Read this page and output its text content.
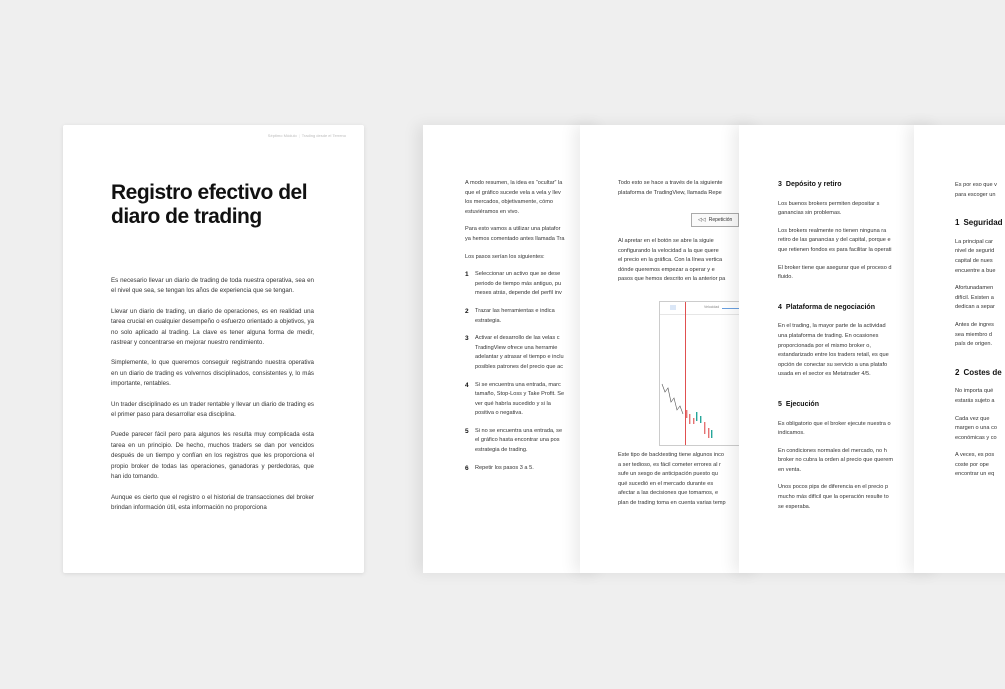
Séptimo Módulo | Trading desde el Terreno
Registro efectivo del diaro de trading

Es necesario llevar un diario de trading de toda nuestra operativa, sea en el nivel que sea, se tengan los años de experiencia que se tengan.

Llevar un diario de trading, un diario de operaciones, es en realidad una tarea crucial en cualquier desempeño o esfuerzo orientado a objetivos, ya no solo aplicado al trading. La clave es tener alguna forma de medir, rastrear y concentrarse en mejorar nuestro rendimiento.

Simplemente, lo que queremos conseguir registrando nuestra operativa en un diario de trading es volvernos disciplinados, consistentes y, lo más importante, rentables.

Un trader disciplinado es un trader rentable y llevar un diario de trading es el primer paso para desarrollar esa disciplina.

Puede parecer fácil pero para algunos les resulta muy complicada esta tarea en un principio. De hecho, muchos traders se dan por vencidos después de un tiempo y confían en los registros que les proporciona el propio broker de todas las operaciones, ganadoras y perdedoras, que han ido tomando.

Aunque es cierto que el registro o el historial de transacciones del broker brindan información útil, esta información no proporciona

A modo resumen, la idea es “ocultar” la
que el gráfico sucede vela a vela y llev
los mercados, objetivamente, cómo
estuviéramos en vivo.

Para esto vamos a utilizar una platafor
ya hemos comentado antes llamada Tra

Los pasos serían los siguientes:

1	Seleccionar un activo que se dese
periodo de tiempo más antiguo, pu
meses atrás, depende del perfil inv
2	Trazar las herramientas e indica
estrategia.
3	Activar el desarrollo de las velas c
TradingView ofrece una herramie
adelantar y atrasar el tiempo e inclu
posibles patrones del precio que ac
4	Si se encuentra una entrada, marc
tamaño, Stop-Loss y Take Profit. Se
ver qué habría sucedido y si la
positiva o negativa.
5	Si no se encuentra una entrada, se
el gráfico hasta encontrar una pos
estrategia de trading.
6	Repetir los pasos 3 a 5.

Todo esto se hace a través de la siguiente
plataforma de TradingView, llamada Repe

◁◁ Repetición

Al apretar en el botón se abre la siguie
configurando la velocidad a la que quere
el precio en la gráfica. Con la línea vertica
dónde queremos empezar a operar y e
pasos que hemos descrito en la anterior pa

Velocidad

Este tipo de backtesting tiene algunos inco
a ser tedioso, es fácil cometer errores al r
sufe un sesgo de anticipación puesto qu
qué sucedió en el mercado durante es
afectar a las decisiones que tomamos, e
plan de trading toma en cuenta varias temp

3 Depósito y retiro

Los buenos brokers permiten depositar s
ganancias sin problemas.

Los brokers realmente no tienen ninguna ra
retiro de las ganancias y del capital, porque e
que retienen fondos es para facilitar la operati

El broker tiene que asegurar que el proceso d
fluido.

4 Plataforma de negociación

En el trading, la mayor parte de la actividad
una plataforma de trading. En ocasiones
proporcionada por el mismo broker o,
estandarizado entre los traders retail, es que
opción de conectar su servicio a una platafo
usada en el sector es Metatrader 4/5.

5 Ejecución

Es obligatorio que el broker ejecute nuestra o
indicamos.

En condiciones normales del mercado, no h
broker no cubra la orden al precio que querem
en venta.

Unos pocos pips de diferencia en el precio p
mucho más difícil que la operación resulte to
se esperaba.

Es por eso que v
para escoger un

1 Seguridad

La principal car
nivel de segurid
capital de nues
encuentre a bue

Afortunadamen
difícil. Existen a
dedican a separ

Antes de ingres
sea miembro d
país de origen.

2 Costes de

No importa qué
estarás sujeto a

Cada vez que
margen o una co
económicas y co

A veces, es pos
coste por ope
encontrar un eq
